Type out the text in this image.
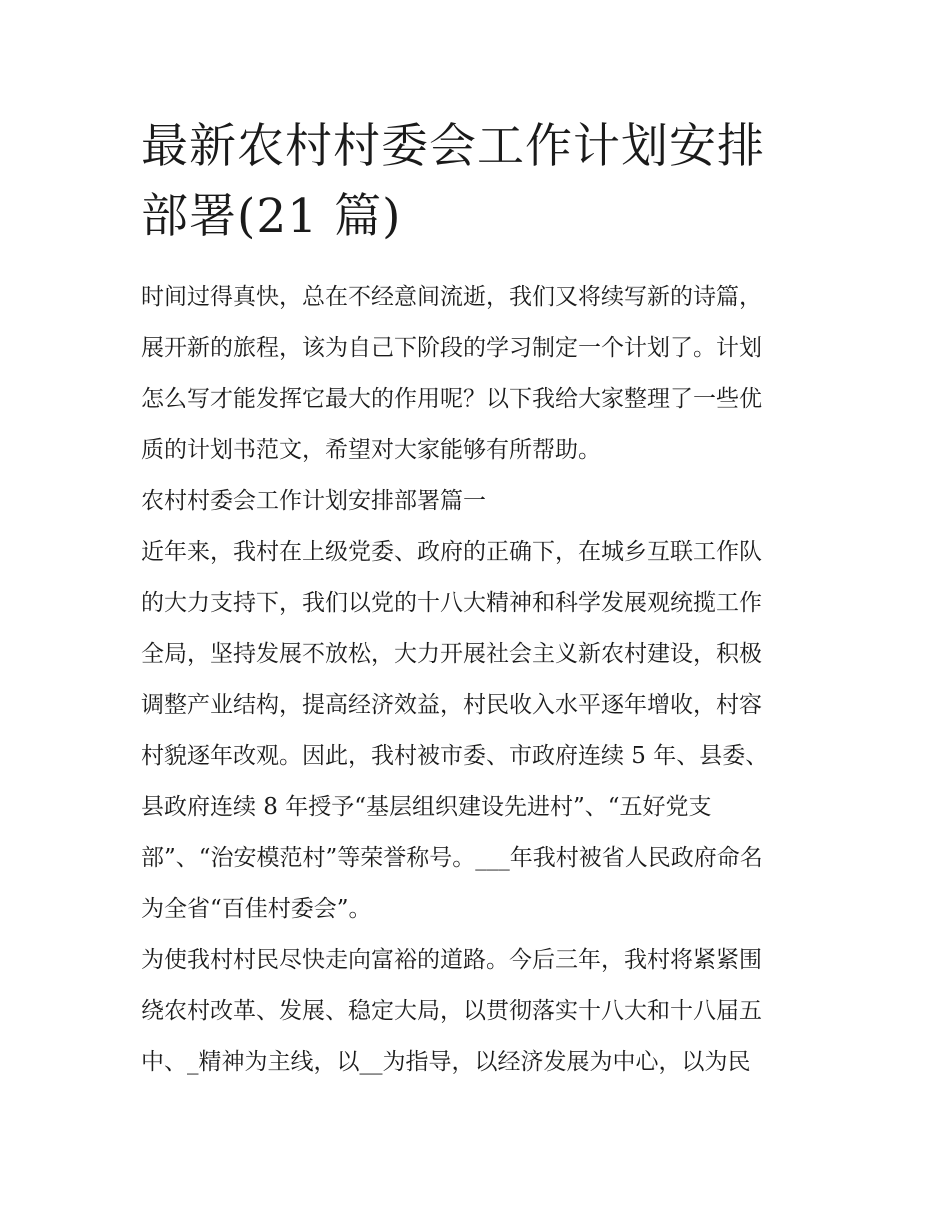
最新农村村委会工作计划安排
部署(21 篇)

时间过得真快，总在不经意间流逝，我们又将续写新的诗篇，
展开新的旅程，该为自己下阶段的学习制定一个计划了。计划
怎么写才能发挥它最大的作用呢？以下我给大家整理了一些优
质的计划书范文，希望对大家能够有所帮助。

农村村委会工作计划安排部署篇一

近年来，我村在上级党委、政府的正确下，在城乡互联工作队
的大力支持下，我们以党的十八大精神和科学发展观统揽工作
全局，坚持发展不放松，大力开展社会主义新农村建设，积极
调整产业结构，提高经济效益，村民收入水平逐年增收，村容
村貌逐年改观。因此，我村被市委、市政府连续 5 年、县委、
县政府连续 8 年授予“基层组织建设先进村”、“五好党支
部”、“治安模范村”等荣誉称号。___年我村被省人民政府命名
为全省“百佳村委会”。

为使我村村民尽快走向富裕的道路。今后三年，我村将紧紧围
绕农村改革、发展、稳定大局，以贯彻落实十八大和十八届五
中、_精神为主线，以__为指导，以经济发展为中心，以为民
